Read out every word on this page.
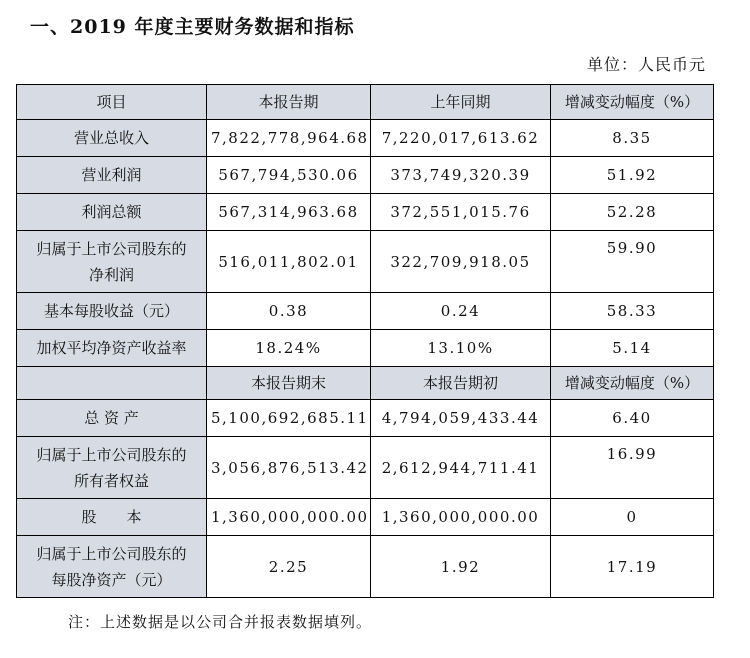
一、2019 年度主要财务数据和指标
单位：人民币元
项目	本报告期	上年同期	增减变动幅度（%）
营业总收入	7,822,778,964.68	7,220,017,613.62	8.35
营业利润	567,794,530.06	373,749,320.39	51.92
利润总额	567,314,963.68	372,551,015.76	52.28
归属于上市公司股东的
净利润	516,011,802.01	322,709,918.05	59.90
基本每股收益（元）	0.38	0.24	58.33
加权平均净资产收益率	18.24%	13.10%	5.14
	本报告期末	本报告期初	增减变动幅度（%）
总 资 产	5,100,692,685.11	4,794,059,433.44	6.40
归属于上市公司股东的
所有者权益	3,056,876,513.42	2,612,944,711.41	16.99
股　　本	1,360,000,000.00	1,360,000,000.00	0
归属于上市公司股东的
每股净资产（元）	2.25	1.92	17.19
注：上述数据是以公司合并报表数据填列。
